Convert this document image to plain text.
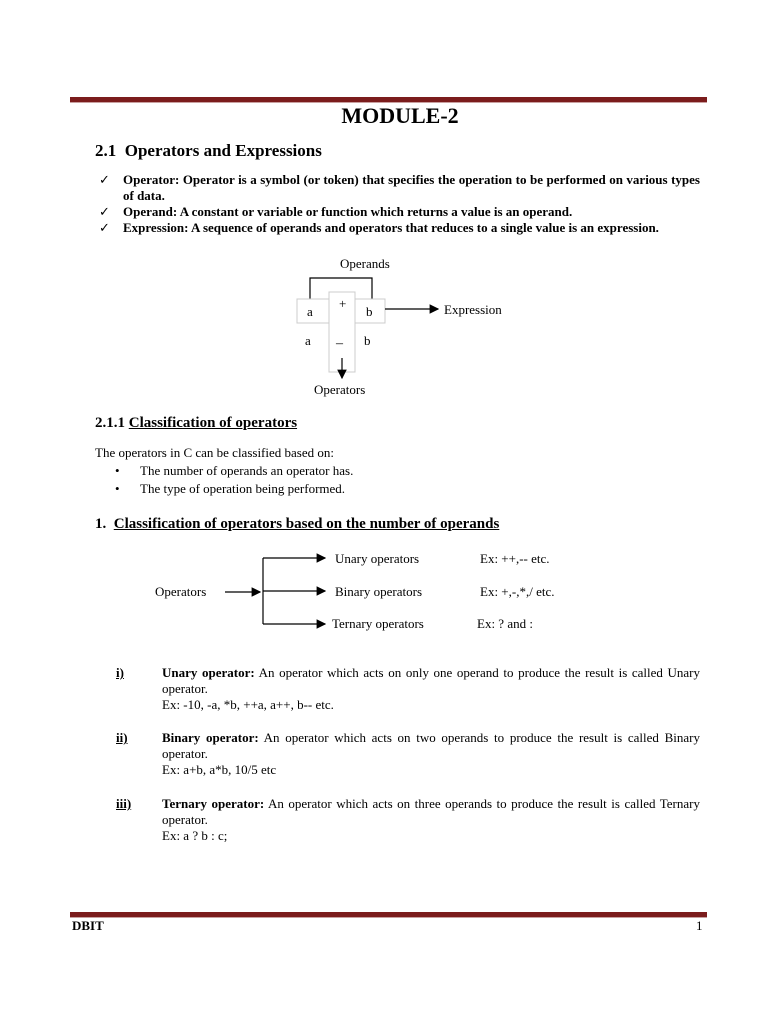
MODULE-2
2.1 Operators and Expressions
✓	Operator: Operator is a symbol (or token) that specifies the operation to be performed on various types of data.
✓	Operand: A constant or variable or function which returns a value is an operand.
✓	Expression: A sequence of operands and operators that reduces to a single value is an expression.
Operands
a
+
b
a – b
Expression
Operators
2.1.1 Classification of operators
The operators in C can be classified based on:
•	The number of operands an operator has.
•	The type of operation being performed.
1. Classification of operators based on the number of operands
Operators
Unary operators	Ex: ++,-- etc.
Binary operators	Ex: +,-,*,/ etc.
Ternary operators	Ex: ? and :
i)	Unary operator: An operator which acts on only one operand to produce the result is called Unary operator.
Ex: -10, -a, *b, ++a, a++, b-- etc.
ii)	Binary operator: An operator which acts on two operands to produce the result is called Binary operator.
Ex: a+b, a*b, 10/5 etc
iii)	Ternary operator: An operator which acts on three operands to produce the result is called Ternary operator.
Ex: a ? b : c;
DBIT	1
